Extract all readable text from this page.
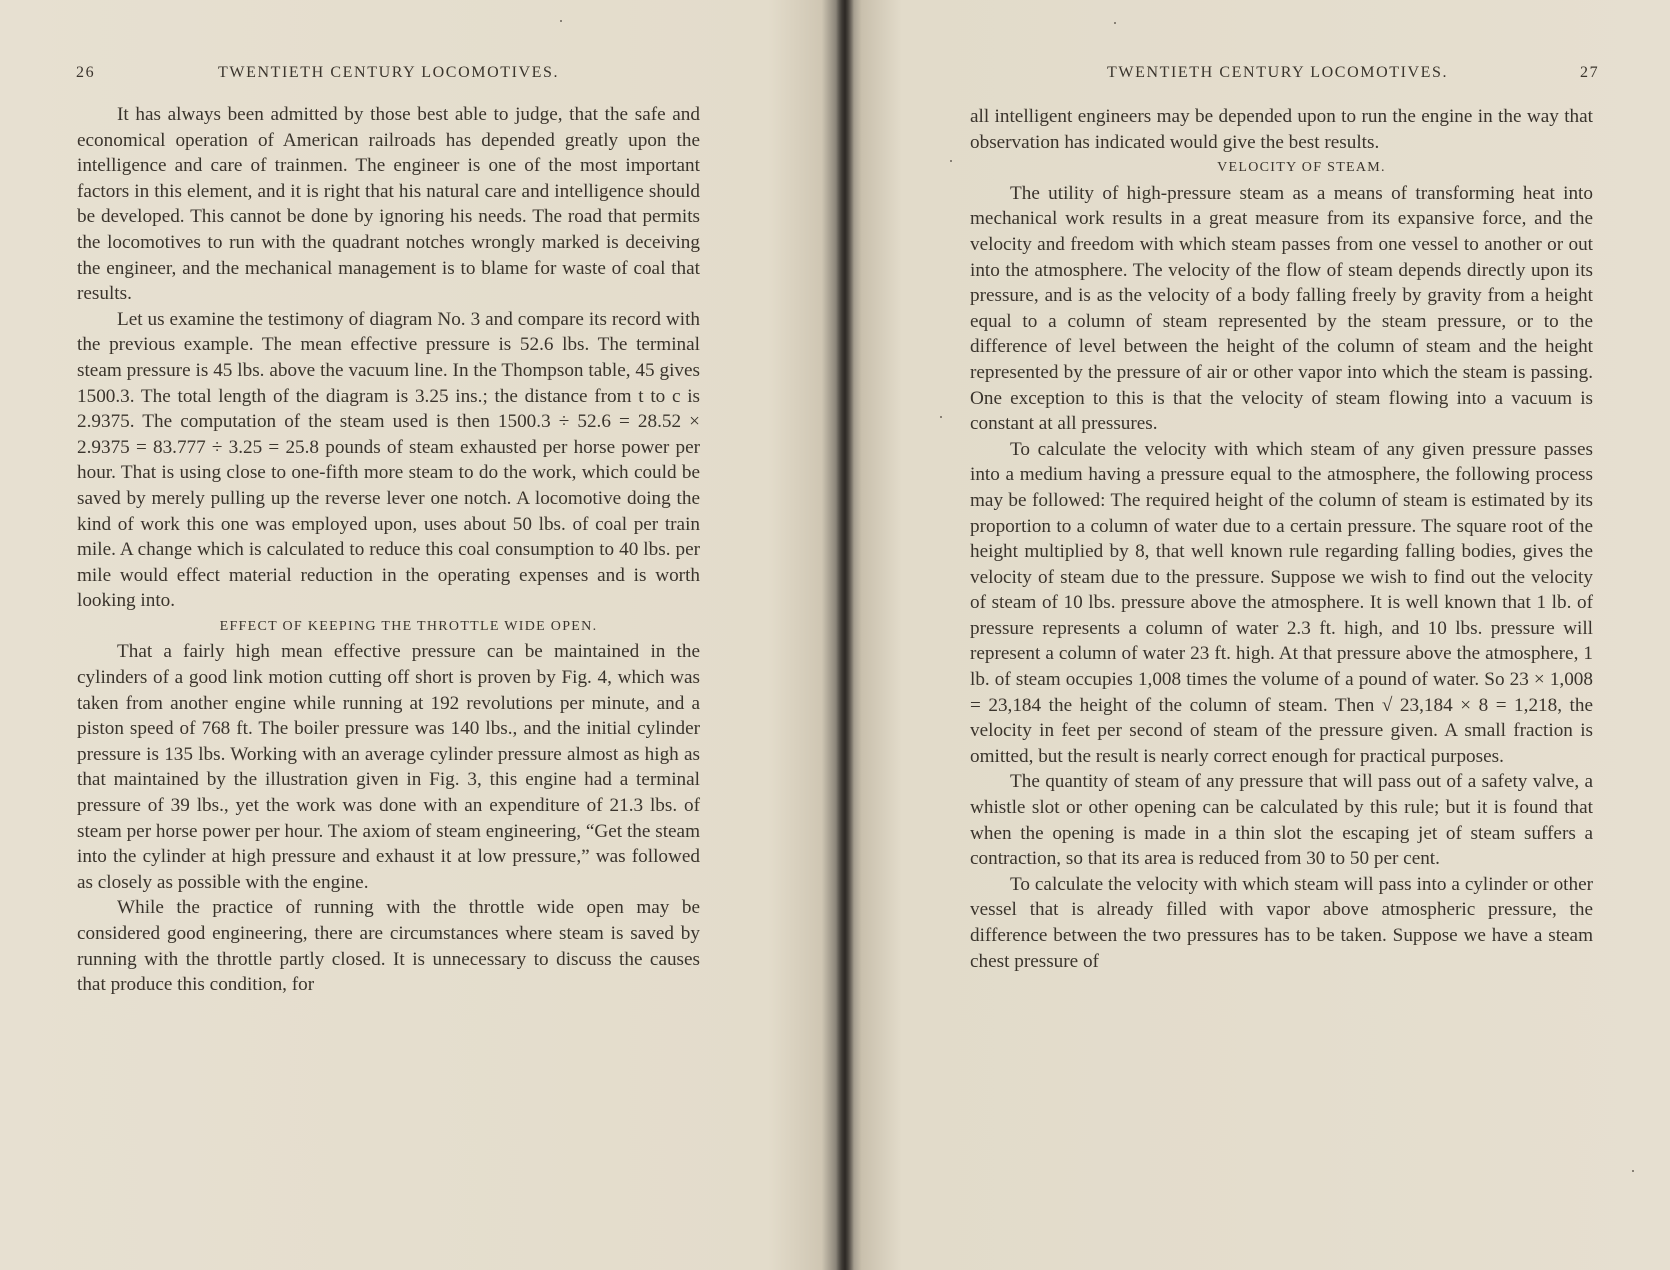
26	TWENTIETH CENTURY LOCOMOTIVES.

It has always been admitted by those best able to judge, that the safe and economical operation of American railroads has depended greatly upon the intelligence and care of trainmen. The engineer is one of the most important factors in this element, and it is right that his natural care and intelligence should be developed. This cannot be done by ignoring his needs. The road that permits the locomotives to run with the quadrant notches wrongly marked is deceiving the engineer, and the mechanical management is to blame for waste of coal that results.

Let us examine the testimony of diagram No. 3 and compare its record with the previous example. The mean effective pressure is 52.6 lbs. The terminal steam pressure is 45 lbs. above the vacuum line. In the Thompson table, 45 gives 1500.3. The total length of the diagram is 3.25 ins.; the distance from t to c is 2.9375. The computation of the steam used is then 1500.3 ÷ 52.6 = 28.52 × 2.9375 = 83.777 ÷ 3.25 = 25.8 pounds of steam exhausted per horse power per hour. That is using close to one-fifth more steam to do the work, which could be saved by merely pulling up the reverse lever one notch. A locomotive doing the kind of work this one was employed upon, uses about 50 lbs. of coal per train mile. A change which is calculated to reduce this coal consumption to 40 lbs. per mile would effect material reduction in the operating expenses and is worth looking into.

EFFECT OF KEEPING THE THROTTLE WIDE OPEN.

That a fairly high mean effective pressure can be maintained in the cylinders of a good link motion cutting off short is proven by Fig. 4, which was taken from another engine while running at 192 revolutions per minute, and a piston speed of 768 ft. The boiler pressure was 140 lbs., and the initial cylinder pressure is 135 lbs. Working with an average cylinder pressure almost as high as that maintained by the illustration given in Fig. 3, this engine had a terminal pressure of 39 lbs., yet the work was done with an expenditure of 21.3 lbs. of steam per horse power per hour. The axiom of steam engineering, “Get the steam into the cylinder at high pressure and exhaust it at low pressure,” was followed as closely as possible with the engine.

While the practice of running with the throttle wide open may be considered good engineering, there are circumstances where steam is saved by running with the throttle partly closed. It is unnecessary to discuss the causes that produce this condition, for

TWENTIETH CENTURY LOCOMOTIVES.	27

all intelligent engineers may be depended upon to run the engine in the way that observation has indicated would give the best results.

VELOCITY OF STEAM.

The utility of high-pressure steam as a means of transforming heat into mechanical work results in a great measure from its expansive force, and the velocity and freedom with which steam passes from one vessel to another or out into the atmosphere. The velocity of the flow of steam depends directly upon its pressure, and is as the velocity of a body falling freely by gravity from a height equal to a column of steam represented by the steam pressure, or to the difference of level between the height of the column of steam and the height represented by the pressure of air or other vapor into which the steam is passing. One exception to this is that the velocity of steam flowing into a vacuum is constant at all pressures.

To calculate the velocity with which steam of any given pressure passes into a medium having a pressure equal to the atmosphere, the following process may be followed: The required height of the column of steam is estimated by its proportion to a column of water due to a certain pressure. The square root of the height multiplied by 8, that well known rule regarding falling bodies, gives the velocity of steam due to the pressure. Suppose we wish to find out the velocity of steam of 10 lbs. pressure above the atmosphere. It is well known that 1 lb. of pressure represents a column of water 2.3 ft. high, and 10 lbs. pressure will represent a column of water 23 ft. high. At that pressure above the atmosphere, 1 lb. of steam occupies 1,008 times the volume of a pound of water. So 23 × 1,008 = 23,184 the height of the column of steam. Then √ 23,184 × 8 = 1,218, the velocity in feet per second of steam of the pressure given. A small fraction is omitted, but the result is nearly correct enough for practical purposes.

The quantity of steam of any pressure that will pass out of a safety valve, a whistle slot or other opening can be calculated by this rule; but it is found that when the opening is made in a thin slot the escaping jet of steam suffers a contraction, so that its area is reduced from 30 to 50 per cent.

To calculate the velocity with which steam will pass into a cylinder or other vessel that is already filled with vapor above atmospheric pressure, the difference between the two pressures has to be taken. Suppose we have a steam chest pressure of
